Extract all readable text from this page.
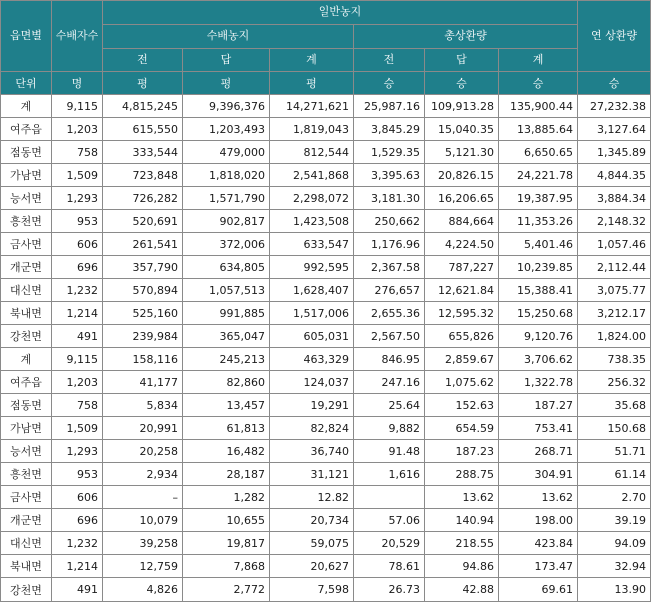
읍면별	수배자수	일반농지						연 상환량
		수배농지			총상환량			
		전	답	계	전	답	계	
단위	명	평	평	평	승	승	승	승
계	9,115	4,815,245	9,396,376	14,271,621	25,987.16	109,913.28	135,900.44	27,232.38
여주읍	1,203	615,550	1,203,493	1,819,043	3,845.29	15,040.35	13,885.64	3,127.64
점동면	758	333,544	479,000	812,544	1,529.35	5,121.30	6,650.65	1,345.89
가남면	1,509	723,848	1,818,020	2,541,868	3,395.63	20,826.15	24,221.78	4,844.35
능서면	1,293	726,282	1,571,790	2,298,072	3,181.30	16,206.65	19,387.95	3,884.34
흥천면	953	520,691	902,817	1,423,508	250,662	884,664	11,353.26	2,148.32
금사면	606	261,541	372,006	633,547	1,176.96	4,224.50	5,401.46	1,057.46
개군면	696	357,790	634,805	992,595	2,367.58	787,227	10,239.85	2,112.44
대신면	1,232	570,894	1,057,513	1,628,407	276,657	12,621.84	15,388.41	3,075.77
북내면	1,214	525,160	991,885	1,517,006	2,655.36	12,595.32	15,250.68	3,212.17
강천면	491	239,984	365,047	605,031	2,567.50	655,826	9,120.76	1,824.00
계	9,115	158,116	245,213	463,329	846.95	2,859.67	3,706.62	738.35
여주읍	1,203	41,177	82,860	124,037	247.16	1,075.62	1,322.78	256.32
점동면	758	5,834	13,457	19,291	25.64	152.63	187.27	35.68
가남면	1,509	20,991	61,813	82,824	9,882	654.59	753.41	150.68
능서면	1,293	20,258	16,482	36,740	91.48	187.23	268.71	51.71
흥천면	953	2,934	28,187	31,121	1,616	288.75	304.91	61.14
금사면	606	–	1,282	12.82		13.62	13.62	2.70
개군면	696	10,079	10,655	20,734	57.06	140.94	198.00	39.19
대신면	1,232	39,258	19,817	59,075	20,529	218.55	423.84	94.09
북내면	1,214	12,759	7,868	20,627	78.61	94.86	173.47	32.94
강천면	491	4,826	2,772	7,598	26.73	42.88	69.61	13.90
